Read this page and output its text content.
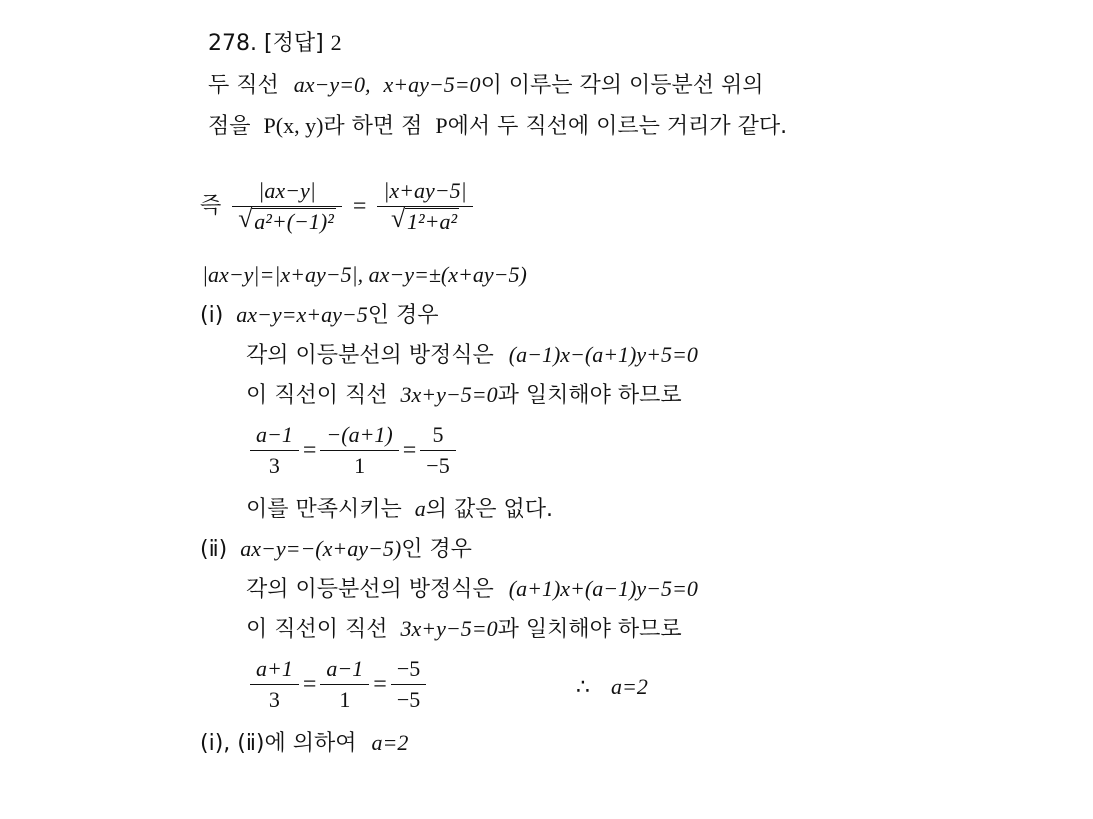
278. [정답] 2
두 직선 ax−y=0, x+ay−5=0이 이루는 각의 이등분선 위의
점을 P(x, y)라 하면 점 P에서 두 직선에 이르는 거리가 같다.
즉 $\frac{|ax-y|}{\text{√ a²+(−1)²}} = \frac{|x+ay-5|}{\text{√ 1²+a²}}$
|ax−y|=|x+ay−5|, ax−y=±(x+ay−5)
(ⅰ) ax−y=x+ay−5인 경우
각의 이등분선의 방정식은 (a−1)x−(a+1)y+5=0
이 직선이 직선 3x+y−5=0과 일치해야 하므로
$\frac{a-1}{3} = \frac{-(a+1)}{1} = \frac{5}{-5}$
이를 만족시키는 a의 값은 없다.
(ⅱ) ax−y=−(x+ay−5)인 경우
각의 이등분선의 방정식은 (a+1)x+(a−1)y−5=0
이 직선이 직선 3x+y−5=0과 일치해야 하므로
$\frac{a+1}{3} = \frac{a-1}{1} = \frac{-5}{-5}$	∴ a=2
(ⅰ), (ⅱ)에 의하여 a=2
